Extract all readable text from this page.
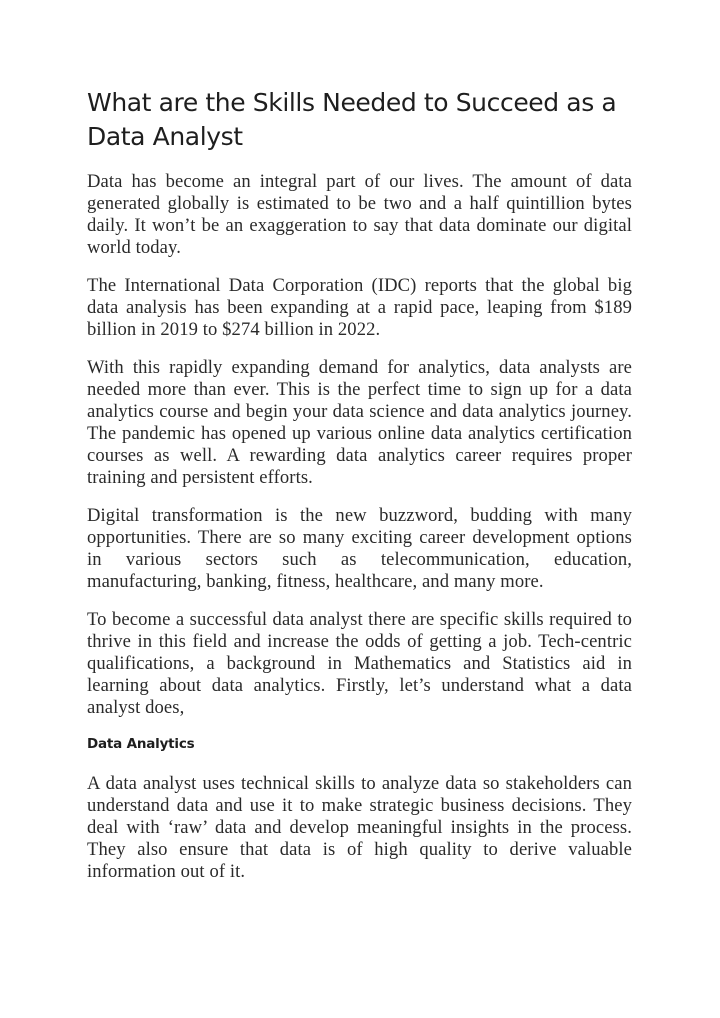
What are the Skills Needed to Succeed as a Data Analyst

Data has become an integral part of our lives. The amount of data generated globally is estimated to be two and a half quintillion bytes daily. It won’t be an exaggeration to say that data dominate our digital world today.

The International Data Corporation (IDC) reports that the global big data analysis has been expanding at a rapid pace, leaping from $189 billion in 2019 to $274 billion in 2022.

With this rapidly expanding demand for analytics, data analysts are needed more than ever. This is the perfect time to sign up for a data analytics course and begin your data science and data analytics journey. The pandemic has opened up various online data analytics certification courses as well. A rewarding data analytics career requires proper training and persistent efforts.

Digital transformation is the new buzzword, budding with many opportunities. There are so many exciting career development options in various sectors such as telecommunication, education, manufacturing, banking, fitness, healthcare, and many more.

To become a successful data analyst there are specific skills required to thrive in this field and increase the odds of getting a job. Tech-centric qualifications, a background in Mathematics and Statistics aid in learning about data analytics. Firstly, let’s understand what a data analyst does,

Data Analytics

A data analyst uses technical skills to analyze data so stakeholders can understand data and use it to make strategic business decisions. They deal with ‘raw’ data and develop meaningful insights in the process. They also ensure that data is of high quality to derive valuable information out of it.
